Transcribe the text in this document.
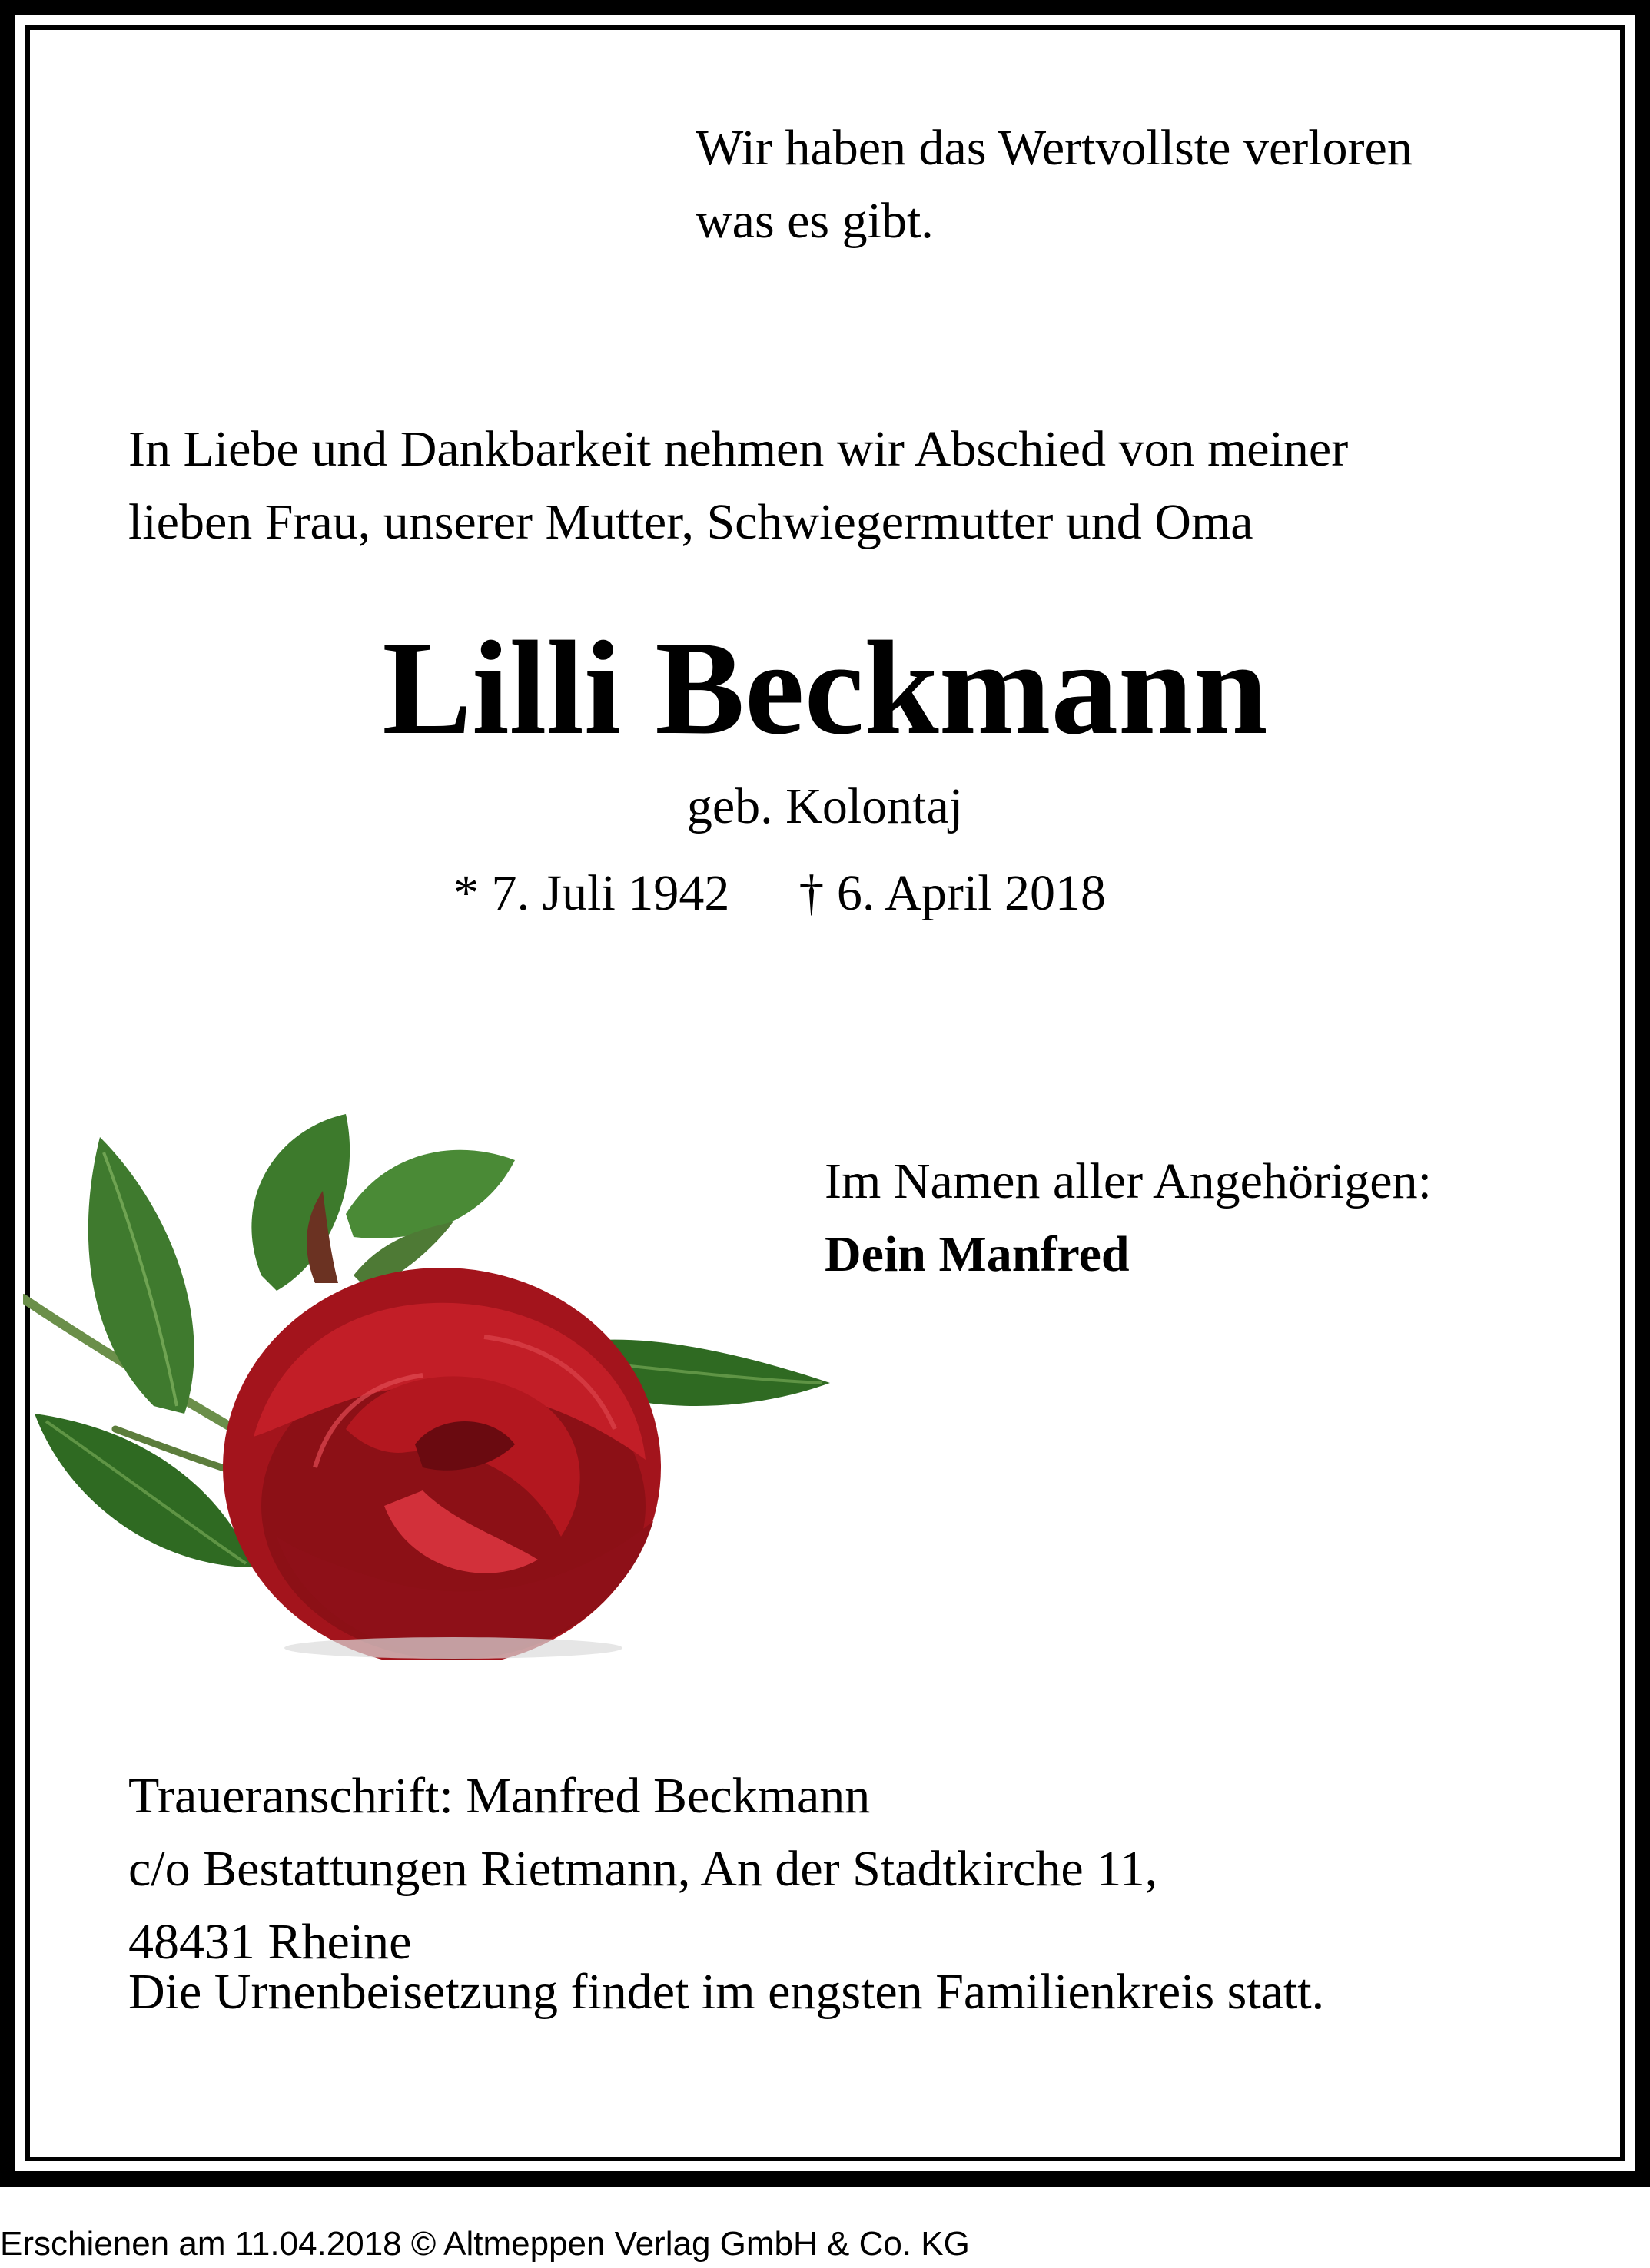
Wir haben das Wertvollste verloren
was es gibt.
In Liebe und Dankbarkeit nehmen wir Abschied von meiner
lieben Frau, unserer Mutter, Schwiegermutter und Oma
Lilli Beckmann
geb. Kolontaj
* 7. Juli 1942 † 6. April 2018
Im Namen aller Angehörigen:
Dein Manfred
Traueranschrift: Manfred Beckmann
c/o Bestattungen Rietmann, An der Stadtkirche 11,
48431 Rheine
Die Urnenbeisetzung findet im engsten Familienkreis statt.
Erschienen am 11.04.2018 © Altmeppen Verlag GmbH & Co. KG
